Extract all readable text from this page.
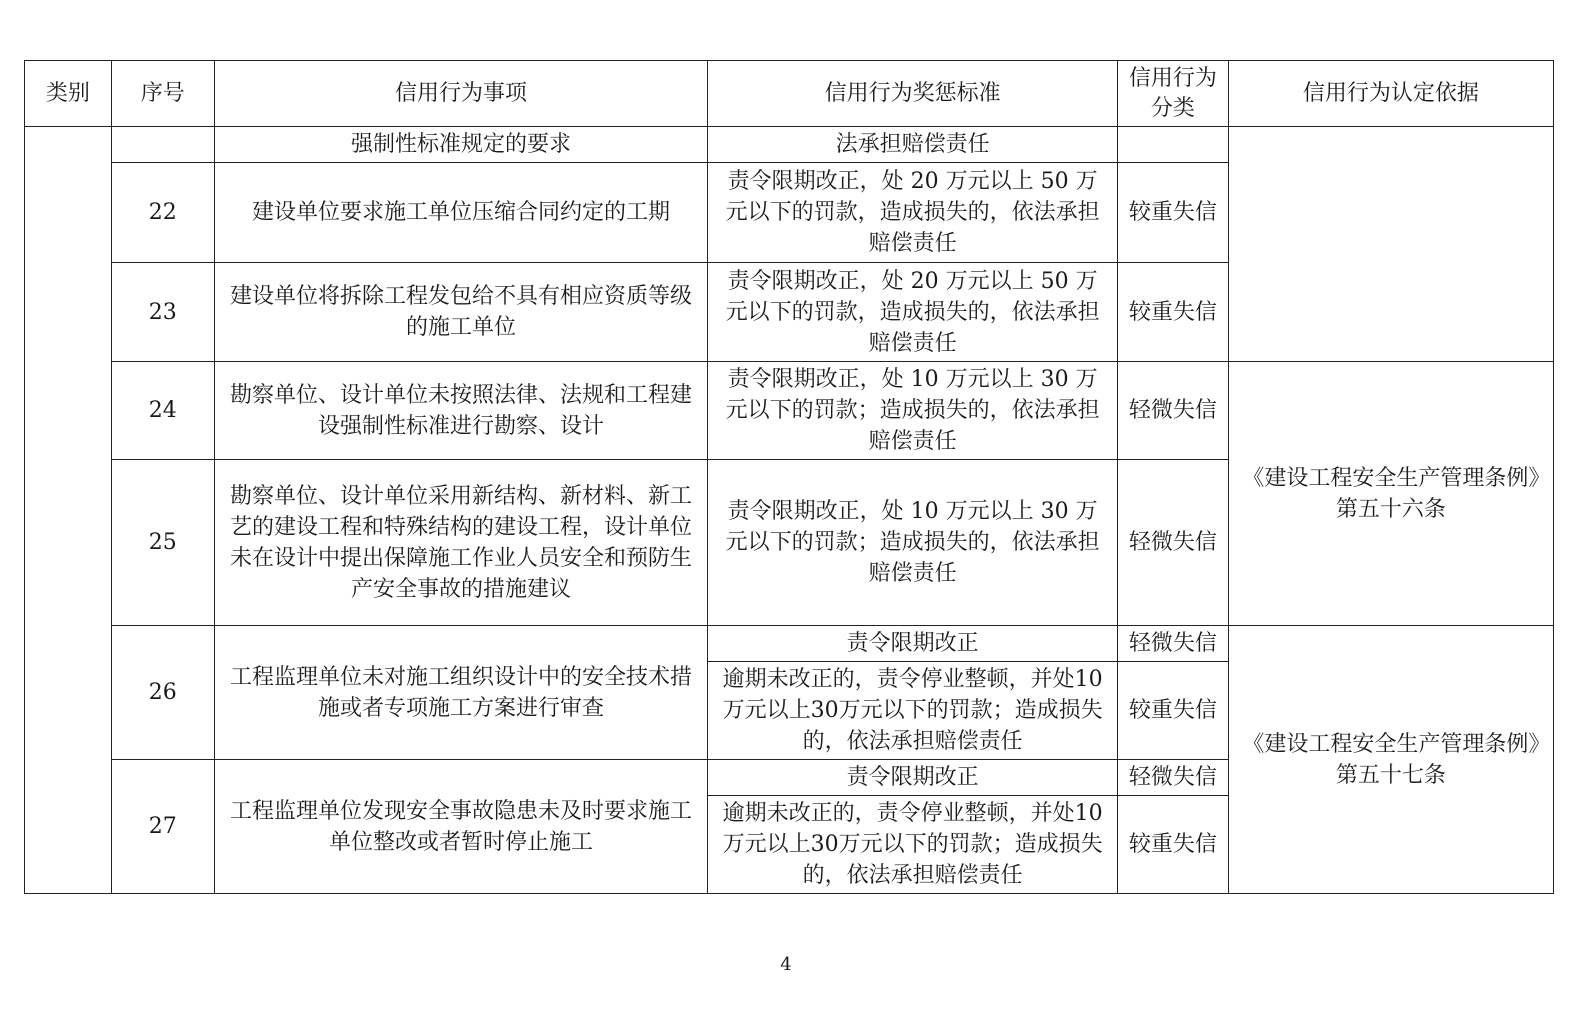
类别	序号	信用行为事项	信用行为奖惩标准	信用行为分类	信用行为认定依据
		强制性标准规定的要求	法承担赔偿责任		
	22	建设单位要求施工单位压缩合同约定的工期	责令限期改正，处 20 万元以上 50 万元以下的罚款，造成损失的，依法承担赔偿责任	较重失信	
	23	建设单位将拆除工程发包给不具有相应资质等级的施工单位	责令限期改正，处 20 万元以上 50 万元以下的罚款，造成损失的，依法承担赔偿责任	较重失信	
	24	勘察单位、设计单位未按照法律、法规和工程建设强制性标准进行勘察、设计	责令限期改正，处 10 万元以上 30 万元以下的罚款；造成损失的，依法承担赔偿责任	轻微失信	《建设工程安全生产管理条例》第五十六条
	25	勘察单位、设计单位采用新结构、新材料、新工艺的建设工程和特殊结构的建设工程，设计单位未在设计中提出保障施工作业人员安全和预防生产安全事故的措施建议	责令限期改正，处 10 万元以上 30 万元以下的罚款；造成损失的，依法承担赔偿责任	轻微失信	
	26	工程监理单位未对施工组织设计中的安全技术措施或者专项施工方案进行审查	责令限期改正	轻微失信	《建设工程安全生产管理条例》第五十七条
			逾期未改正的，责令停业整顿，并处10万元以上30万元以下的罚款；造成损失的，依法承担赔偿责任	较重失信	
	27	工程监理单位发现安全事故隐患未及时要求施工单位整改或者暂时停止施工	责令限期改正	轻微失信	
			逾期未改正的，责令停业整顿，并处10万元以上30万元以下的罚款；造成损失的，依法承担赔偿责任	较重失信	
4
